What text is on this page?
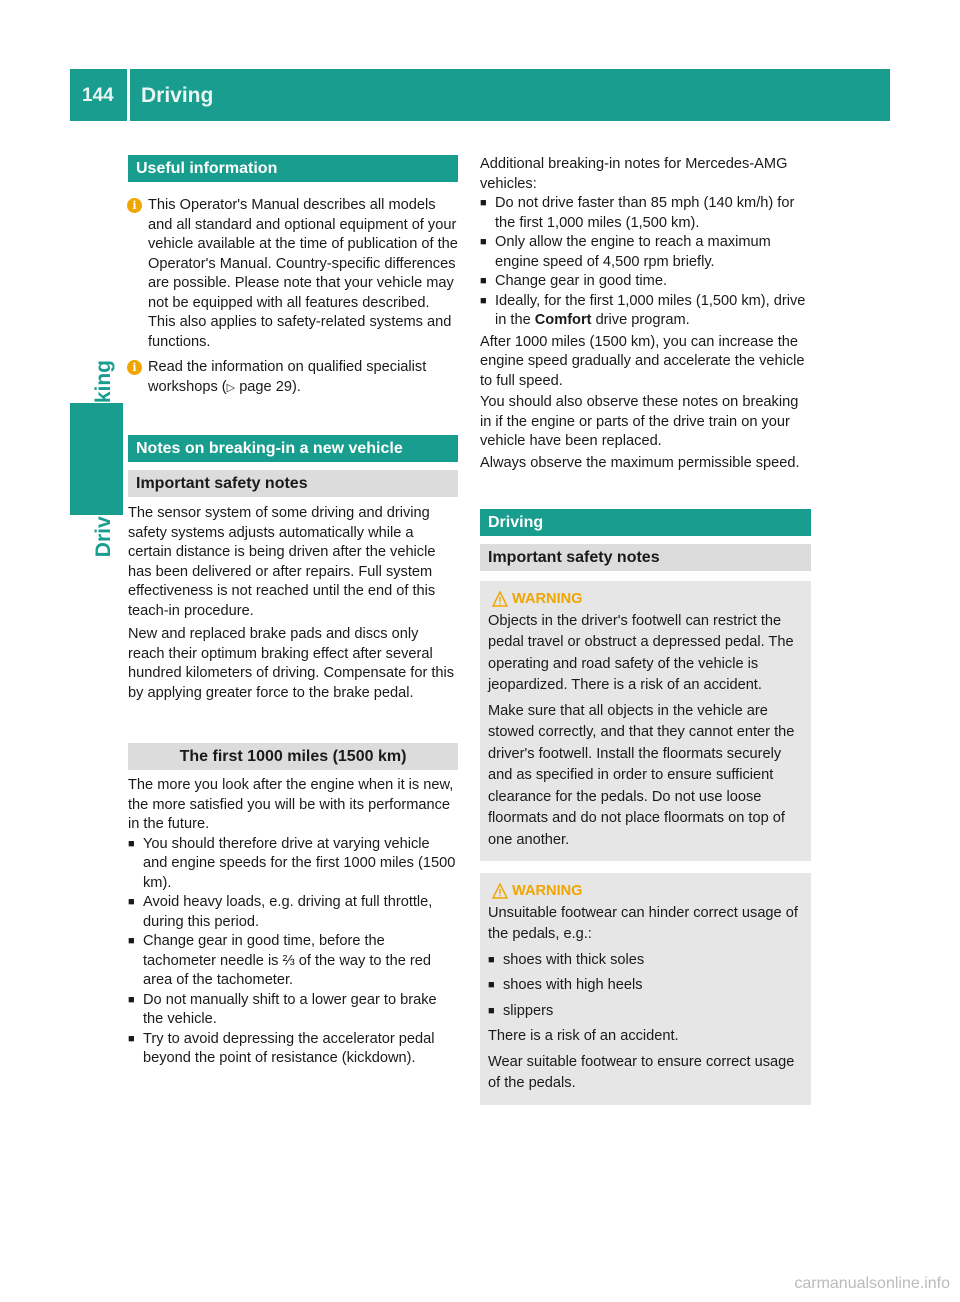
144 Driving
Useful information

i This Operator's Manual describes all models and all standard and optional equipment of your vehicle available at the time of publication of the Operator's Manual. Country-specific differences are possible. Please note that your vehicle may not be equipped with all features described. This also applies to safety-related systems and functions.

i Read the information on qualified specialist workshops (▷ page 29).

Notes on breaking-in a new vehicle
Important safety notes

The sensor system of some driving and driving safety systems adjusts automatically while a certain distance is being driven after the vehicle has been delivered or after repairs. Full system effectiveness is not reached until the end of this teach-in procedure.

New and replaced brake pads and discs only reach their optimum braking effect after several hundred kilometers of driving. Compensate for this by applying greater force to the brake pedal.

The first 1000 miles (1500 km)

The more you look after the engine when it is new, the more satisfied you will be with its performance in the future.

■ You should therefore drive at varying vehicle and engine speeds for the first 1000 miles (1500 km).
■ Avoid heavy loads, e.g. driving at full throttle, during this period.
■ Change gear in good time, before the tachometer needle is ⅔ of the way to the red area of the tachometer.
■ Do not manually shift to a lower gear to brake the vehicle.
■ Try to avoid depressing the accelerator pedal beyond the point of resistance (kickdown).

Additional breaking-in notes for Mercedes-AMG vehicles:

■ Do not drive faster than 85 mph (140 km/h) for the first 1,000 miles (1,500 km).
■ Only allow the engine to reach a maximum engine speed of 4,500 rpm briefly.
■ Change gear in good time.
■ Ideally, for the first 1,000 miles (1,500 km), drive in the Comfort drive program.

After 1000 miles (1500 km), you can increase the engine speed gradually and accelerate the vehicle to full speed.

You should also observe these notes on breaking in if the engine or parts of the drive train on your vehicle have been replaced.

Always observe the maximum permissible speed.

Driving
Important safety notes
WARNING

Objects in the driver's footwell can restrict the pedal travel or obstruct a depressed pedal. The operating and road safety of the vehicle is jeopardized. There is a risk of an accident.

Make sure that all objects in the vehicle are stowed correctly, and that they cannot enter the driver's footwell. Install the floormats securely and as specified in order to ensure sufficient clearance for the pedals. Do not use loose floormats and do not place floormats on top of one another.

WARNING

Unsuitable footwear can hinder correct usage of the pedals, e.g.:

■ shoes with thick soles
■ shoes with high heels
■ slippers

There is a risk of an accident.

Wear suitable footwear to ensure correct usage of the pedals.

carmanualsonline.info
